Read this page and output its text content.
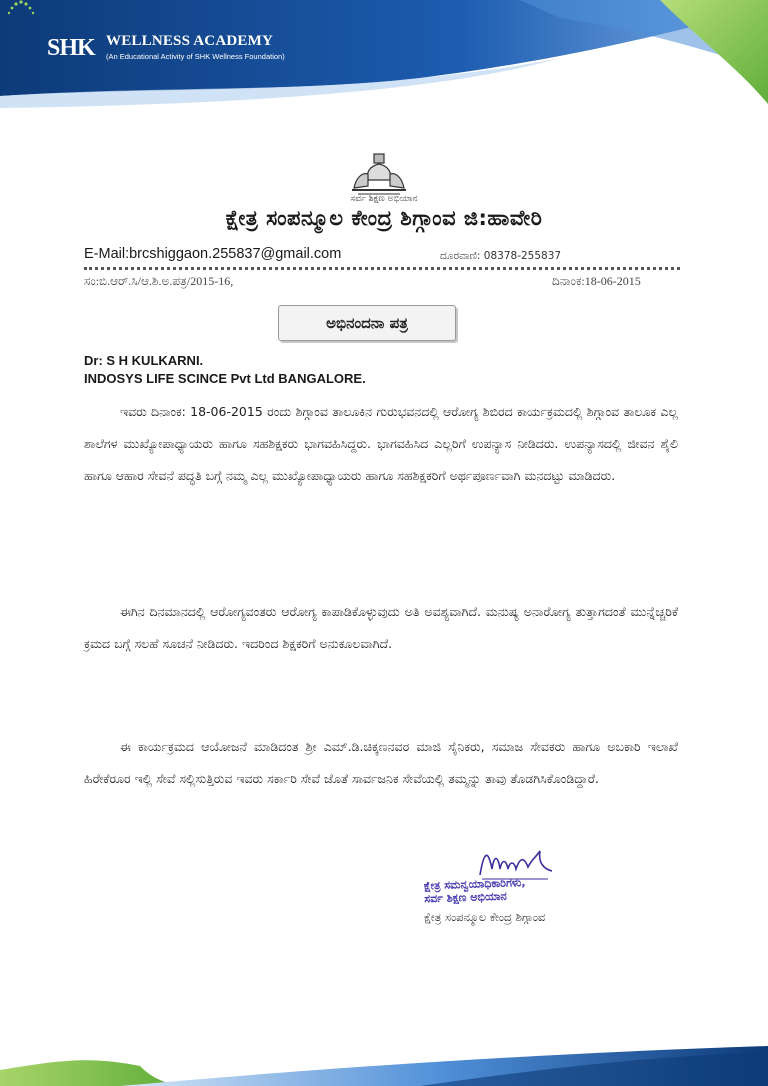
SHK WELLNESS ACADEMY
(An Educational Activity of SHK Wellness Foundation)
ಸರ್ವ ಶಿಕ್ಷಣ ಅಭಿಯಾನ
ಕ್ಷೇತ್ರ ಸಂಪನ್ಮೂಲ ಕೇಂದ್ರ ಶಿಗ್ಗಾಂವ ಜಿ:ಹಾವೇರಿ
E-Mail:brcshiggaon.255837@gmail.com	ದೂರವಾಣಿ: 08378-255837
ಸಂ:ಬಿ.ಆರ್.ಸಿ/ಆ.ಶಿ.ಅ.ಪತ್ರ/2015-16,	ದಿನಾಂಕ:18-06-2015
ಅಭಿನಂದನಾ ಪತ್ರ
Dr: S H KULKARNI.
INDOSYS LIFE SCINCE Pvt Ltd BANGALORE.
ಇವರು ದಿನಾಂಕ: 18-06-2015 ರಂದು ಶಿಗ್ಗಾಂವ ತಾಲೂಕಿನ ಗುರುಭವನದಲ್ಲಿ ಆರೋಗ್ಯ ಶಿಬಿರದ ಕಾರ್ಯಕ್ರಮದಲ್ಲಿ ಶಿಗ್ಗಾಂವ ತಾಲೂಕ ಎಲ್ಲ ಶಾಲೆಗಳ ಮುಖ್ಯೋಪಾಧ್ಯಾಯರು ಹಾಗೂ ಸಹಶಿಕ್ಷಕರು ಭಾಗವಹಿಸಿದ್ದರು. ಭಾಗವಹಿಸಿದ ಎಲ್ಲರಿಗೆ ಉಪನ್ಯಾಸ ನೀಡಿದರು. ಉಪನ್ಯಾಸದಲ್ಲಿ ಜೀವನ ಶೈಲಿ ಹಾಗೂ ಆಹಾರ ಸೇವನೆ ಪದ್ಧತಿ ಬಗ್ಗೆ ನಮ್ಮ ಎಲ್ಲ ಮುಖ್ಯೋಪಾಧ್ಯಾಯರು ಹಾಗೂ ಸಹಶಿಕ್ಷಕರಿಗೆ ಅರ್ಥಪೂರ್ಣವಾಗಿ ಮನದಟ್ಟು ಮಾಡಿದರು.
ಈಗಿನ ದಿನಮಾನದಲ್ಲಿ ಆರೋಗ್ಯವಂತರು ಆರೋಗ್ಯ ಕಾಪಾಡಿಕೊಳ್ಳುವುದು ಅತಿ ಅವಶ್ಯವಾಗಿದೆ. ಮನುಷ್ಯ ಅನಾರೋಗ್ಯ ತುತ್ತಾಗದಂತೆ ಮುನ್ನೆಚ್ಚರಿಕೆ ಕ್ರಮದ ಬಗ್ಗೆ ಸಲಹೆ ಸೂಚನೆ ನೀಡಿದರು. ಇದರಿಂದ ಶಿಕ್ಷಕರಿಗೆ ಅನುಕೂಲವಾಗಿದೆ.
ಈ ಕಾರ್ಯಕ್ರಮದ ಆಯೋಜನೆ ಮಾಡಿದಂತ ಶ್ರೀ ಎಮ್.ಡಿ.ಚಿಕ್ಕಣನವರ ಮಾಜಿ ಸೈನಿಕರು, ಸಮಾಜ ಸೇವಕರು ಹಾಗೂ ಅಬಕಾರಿ ಇಲಾಖೆ ಹಿರೇಕೆರೂರ ಇಲ್ಲಿ ಸೇವೆ ಸಲ್ಲಿಸುತ್ತಿರುವ ಇವರು ಸರ್ಕಾರಿ ಸೇವೆ ಜೊತೆ ಸಾರ್ವಜನಿಕ ಸೇವೆಯಲ್ಲಿ ತಮ್ಮನ್ನು ತಾವು ತೊಡಗಿಸಿಕೊಂಡಿದ್ದಾರೆ.
ಕ್ಷೇತ್ರ ಸಮನ್ವಯಾಧಿಕಾರಿಗಳು,
ಸರ್ವ ಶಿಕ್ಷಣ ಅಭಿಯಾನ
ಕ್ಷೇತ್ರ ಸಂಪನ್ಮೂಲ ಕೇಂದ್ರ ಶಿಗ್ಗಾಂವ
